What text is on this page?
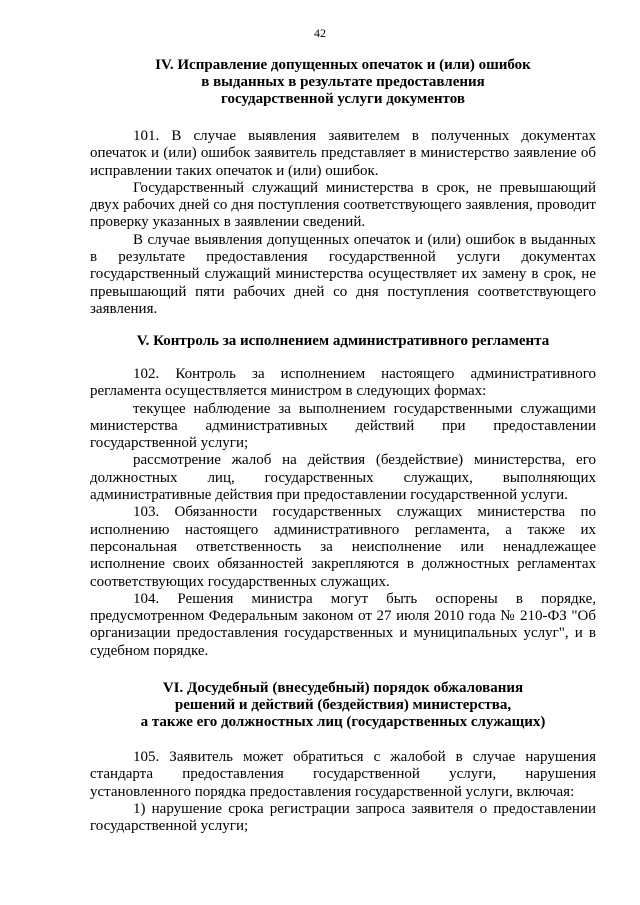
42
IV. Исправление допущенных опечаток и (или) ошибок
в выданных в результате предоставления
государственной услуги документов

101. В случае выявления заявителем в полученных документах опечаток и (или) ошибок заявитель представляет в министерство заявление об исправлении таких опечаток и (или) ошибок.

Государственный служащий министерства в срок, не превышающий двух рабочих дней со дня поступления соответствующего заявления, проводит проверку указанных в заявлении сведений.

В случае выявления допущенных опечаток и (или) ошибок в выданных в результате предоставления государственной услуги документах государственный служащий министерства осуществляет их замену в срок, не превышающий пяти рабочих дней со дня поступления соответствующего заявления.

V. Контроль за исполнением административного регламента

102. Контроль за исполнением настоящего административного регламента осуществляется министром в следующих формах:

текущее наблюдение за выполнением государственными служащими министерства административных действий при предоставлении государственной услуги;

рассмотрение жалоб на действия (бездействие) министерства, его должностных лиц, государственных служащих, выполняющих административные действия при предоставлении государственной услуги.

103. Обязанности государственных служащих министерства по исполнению настоящего административного регламента, а также их персональная ответственность за неисполнение или ненадлежащее исполнение своих обязанностей закрепляются в должностных регламентах соответствующих государственных служащих.

104. Решения министра могут быть оспорены в порядке, предусмотренном Федеральным законом от 27 июля 2010 года № 210-ФЗ "Об организации предоставления государственных и муниципальных услуг", и в судебном порядке.

VI. Досудебный (внесудебный) порядок обжалования
решений и действий (бездействия) министерства,
а также его должностных лиц (государственных служащих)

105. Заявитель может обратиться с жалобой в случае нарушения стандарта предоставления государственной услуги, нарушения установленного порядка предоставления государственной услуги, включая:

1) нарушение срока регистрации запроса заявителя о предоставлении государственной услуги;
